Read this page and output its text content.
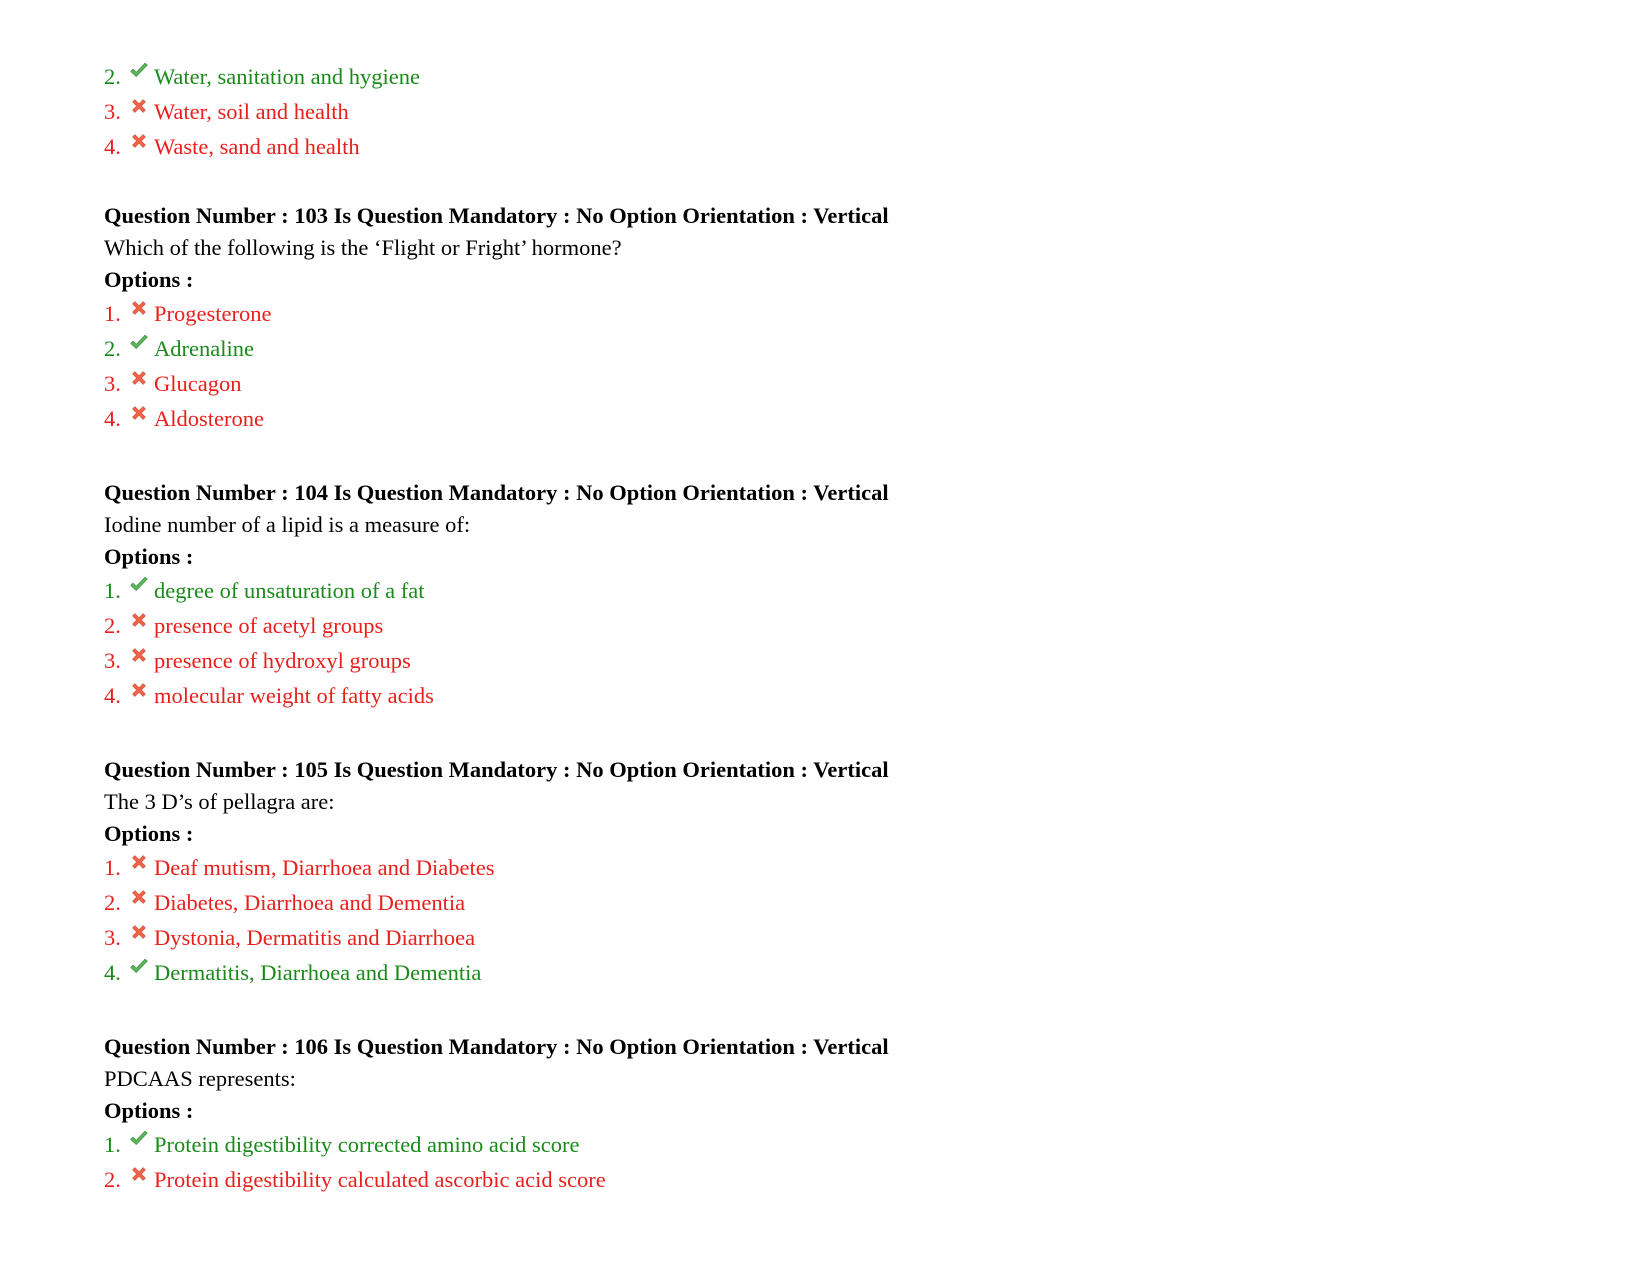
2.	Water, sanitation and hygiene
3.	Water, soil and health
4.	Waste, sand and health
Question Number : 103 Is Question Mandatory : No Option Orientation : Vertical
Which of the following is the ‘Flight or Fright’ hormone?
Options :
1.	Progesterone
2.	Adrenaline
3.	Glucagon
4.	Aldosterone
Question Number : 104 Is Question Mandatory : No Option Orientation : Vertical
Iodine number of a lipid is a measure of:
Options :
1.	degree of unsaturation of a fat
2.	presence of acetyl groups
3.	presence of hydroxyl groups
4.	molecular weight of fatty acids
Question Number : 105 Is Question Mandatory : No Option Orientation : Vertical
The 3 D’s of pellagra are:
Options :
1.	Deaf mutism, Diarrhoea and Diabetes
2.	Diabetes, Diarrhoea and Dementia
3.	Dystonia, Dermatitis and Diarrhoea
4.	Dermatitis, Diarrhoea and Dementia
Question Number : 106 Is Question Mandatory : No Option Orientation : Vertical
PDCAAS represents:
Options :
1.	Protein digestibility corrected amino acid score
2.	Protein digestibility calculated ascorbic acid score
